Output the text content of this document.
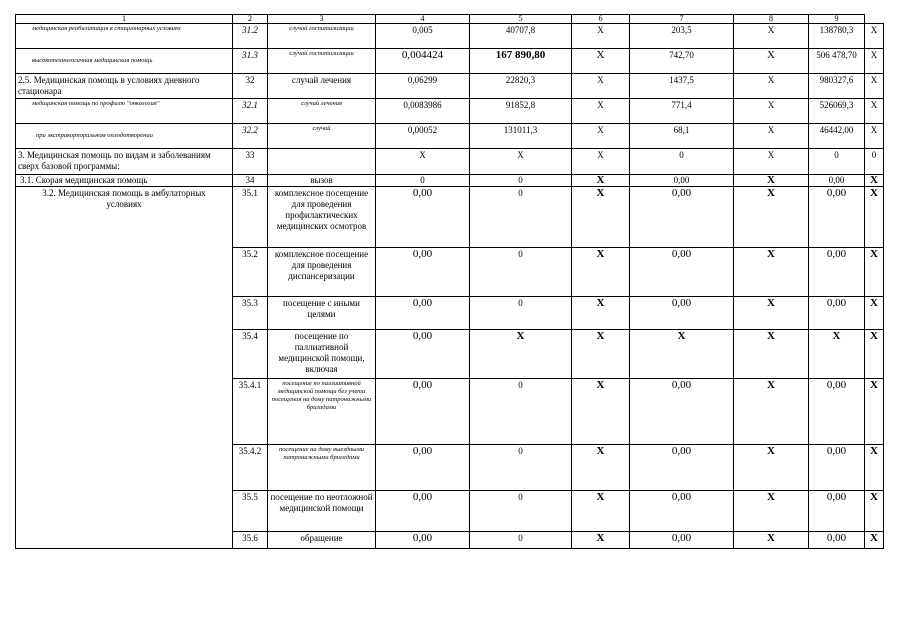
1	2	3	4	5	6	7	8	9	
медицинская реабилитация в стационарных условиях	31.2	случай госпитализации	0,005	40707,8	Х	203,5	Х	138780,3	Х
высокотехнологичная медицинская помощь	31.3	случай госпитализации	0,004424	167 890,80	Х	742,70	Х	506 478,70	Х
2.5. Медицинская помощь в условиях дневного стационара	32	случай лечения	0,06299	22820,3	Х	1437,5	Х	980327,6	Х
медицинская помощь по профилю "онкология"	32.1	случай лечения	0,0083986	91852,8	Х	771,4	Х	526069,3	Х
при экстракорпоральном оплодотворении	32.2	случай	0,00052	131011,3	Х	68,1	Х	46442,00	Х
3. Медицинская помощь по видам и заболеваниям сверх базовой программы:	33		Х	Х	Х	0	Х	0	0
3.1. Скорая медицинская помощь	34	вызов	0	0	Х	0,00	Х	0,00	Х
3.2. Медицинская помощь в амбулаторных условиях	35.1	комплексное посещение для проведения профилактических медицинских осмотров	0,00	0	Х	0,00	Х	0,00	Х
	35.2	комплексное посещение для проведения диспансеризации	0,00	0	Х	0,00	Х	0,00	Х
	35.3	посещение с иными целями	0,00	0	Х	0,00	Х	0,00	Х
	35.4	посещение по паллиативной медицинской помощи, включая	0,00	Х	Х	Х	Х	Х	Х
	35.4.1	посещение по паллиативной медицинской помощи без учета посещения на дому патронажными бригадами	0,00	0	Х	0,00	Х	0,00	Х
	35.4.2	посещение на дому выездными патронажными бригадами	0,00	0	Х	0,00	Х	0,00	Х
	35.5	посещение по неотложной медицинской помощи	0,00	0	Х	0,00	Х	0,00	Х
	35.6	обращение	0,00	0	Х	0,00	Х	0,00	Х
